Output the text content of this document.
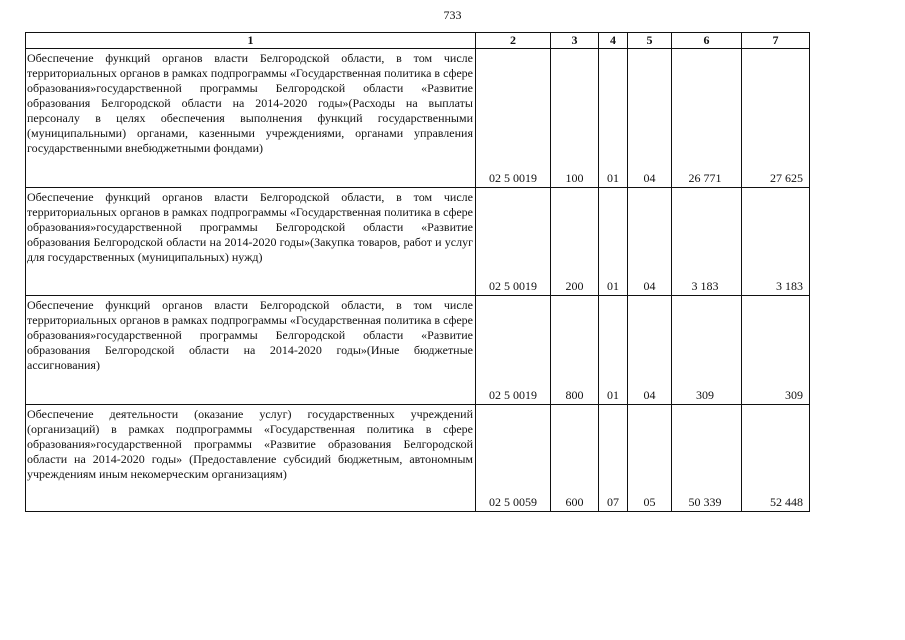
733
1	2	3	4	5	6	7
Обеспечение функций органов власти Белгородской области, в том числе территориальных органов в рамках подпрограммы «Государственная политика в сфере образования»государственной программы Белгородской области «Развитие образования Белгородской области на 2014-2020 годы»(Расходы на выплаты персоналу в целях обеспечения выполнения функций государственными (муниципальными) органами, казенными учреждениями, органами управления государственными внебюджетными фондами)	02 5 0019	100	01	04	26 771	27 625
Обеспечение функций органов власти Белгородской области, в том числе территориальных органов в рамках подпрограммы «Государственная политика в сфере образования»государственной программы Белгородской области «Развитие образования Белгородской области на 2014-2020 годы»(Закупка товаров, работ и услуг для государственных (муниципальных) нужд)	02 5 0019	200	01	04	3 183	3 183
Обеспечение функций органов власти Белгородской области, в том числе территориальных органов в рамках подпрограммы «Государственная политика в сфере образования»государственной программы Белгородской области «Развитие образования Белгородской области на 2014-2020 годы»(Иные бюджетные ассигнования)	02 5 0019	800	01	04	309	309
Обеспечение деятельности (оказание услуг) государственных учреждений (организаций) в рамках подпрограммы «Государственная политика в сфере образования»государственной программы «Развитие образования Белгородской области на 2014-2020 годы» (Предоставление субсидий бюджетным, автономным учреждениям иным некомерческим организациям)	02 5 0059	600	07	05	50 339	52 448
